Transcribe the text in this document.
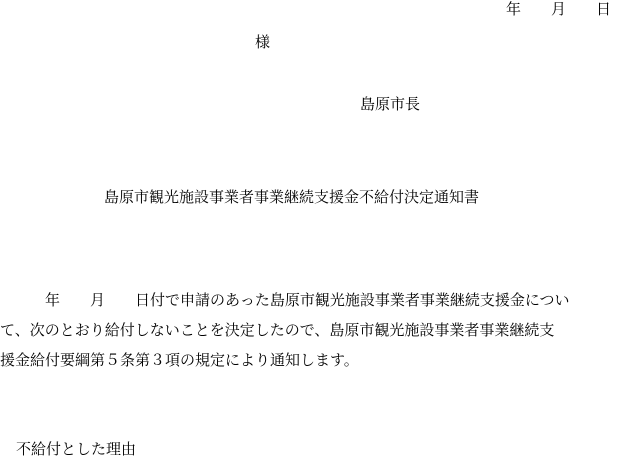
年　　月　　日
様
島原市長
島原市観光施設事業者事業継続支援金不給付決定通知書
　　　年　　月　　日付で申請のあった島原市観光施設事業者事業継続支援金につい
て、次のとおり給付しないことを決定したので、島原市観光施設事業者事業継続支
援金給付要綱第５条第３項の規定により通知します。
不給付とした理由
